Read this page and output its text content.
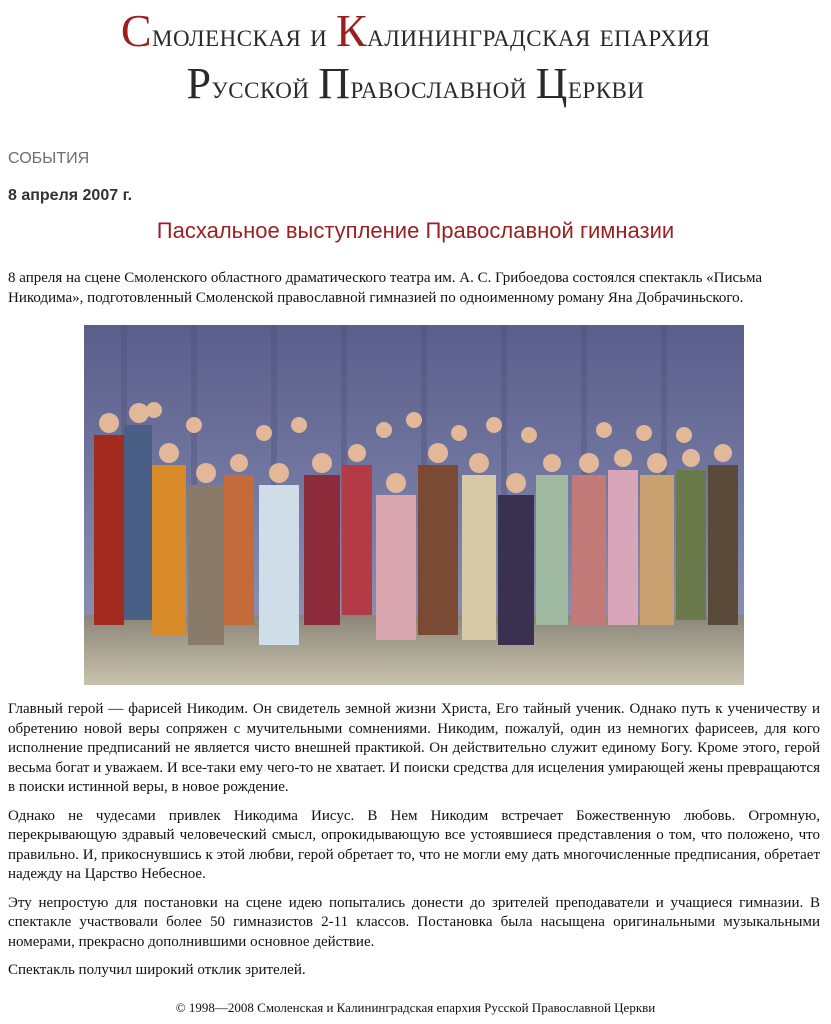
Смоленская и Калининградская епархия
Русской Православной Церкви
СОБЫТИЯ
8 апреля 2007 г.
Пасхальное выступление Православной гимназии
8 апреля на сцене Смоленского областного драматического театра им. А. С. Грибоедова состоялся спектакль «Письма Никодима», подготовленный Смоленской православной гимназией по одноименному роману Яна Добрачиньского.

Главный герой — фарисей Никодим. Он свидетель земной жизни Христа, Его тайный ученик. Однако путь к ученичеству и обретению новой веры сопряжен с мучительными сомнениями. Никодим, пожалуй, один из немногих фарисеев, для кого исполнение предписаний не является чисто внешней практикой. Он действительно служит единому Богу. Кроме этого, герой весьма богат и уважаем. И все-таки ему чего-то не хватает. И поиски средства для исцеления умирающей жены превращаются в поиски истинной веры, в новое рождение.

Однако не чудесами привлек Никодима Иисус. В Нем Никодим встречает Божественную любовь. Огромную, перекрывающую здравый человеческий смысл, опрокидывающую все устоявшиеся представления о том, что положено, что правильно. И, прикоснувшись к этой любви, герой обретает то, что не могли ему дать многочисленные предписания, обретает надежду на Царство Небесное.

Эту непростую для постановки на сцене идею попытались донести до зрителей преподаватели и учащиеся гимназии. В спектакле участвовали более 50 гимназистов 2-11 классов. Постановка была насыщена оригинальными музыкальными номерами, прекрасно дополнившими основное действие.

Спектакль получил широкий отклик зрителей.

© 1998—2008 Смоленская и Калининградская епархия Русской Православной Церкви
